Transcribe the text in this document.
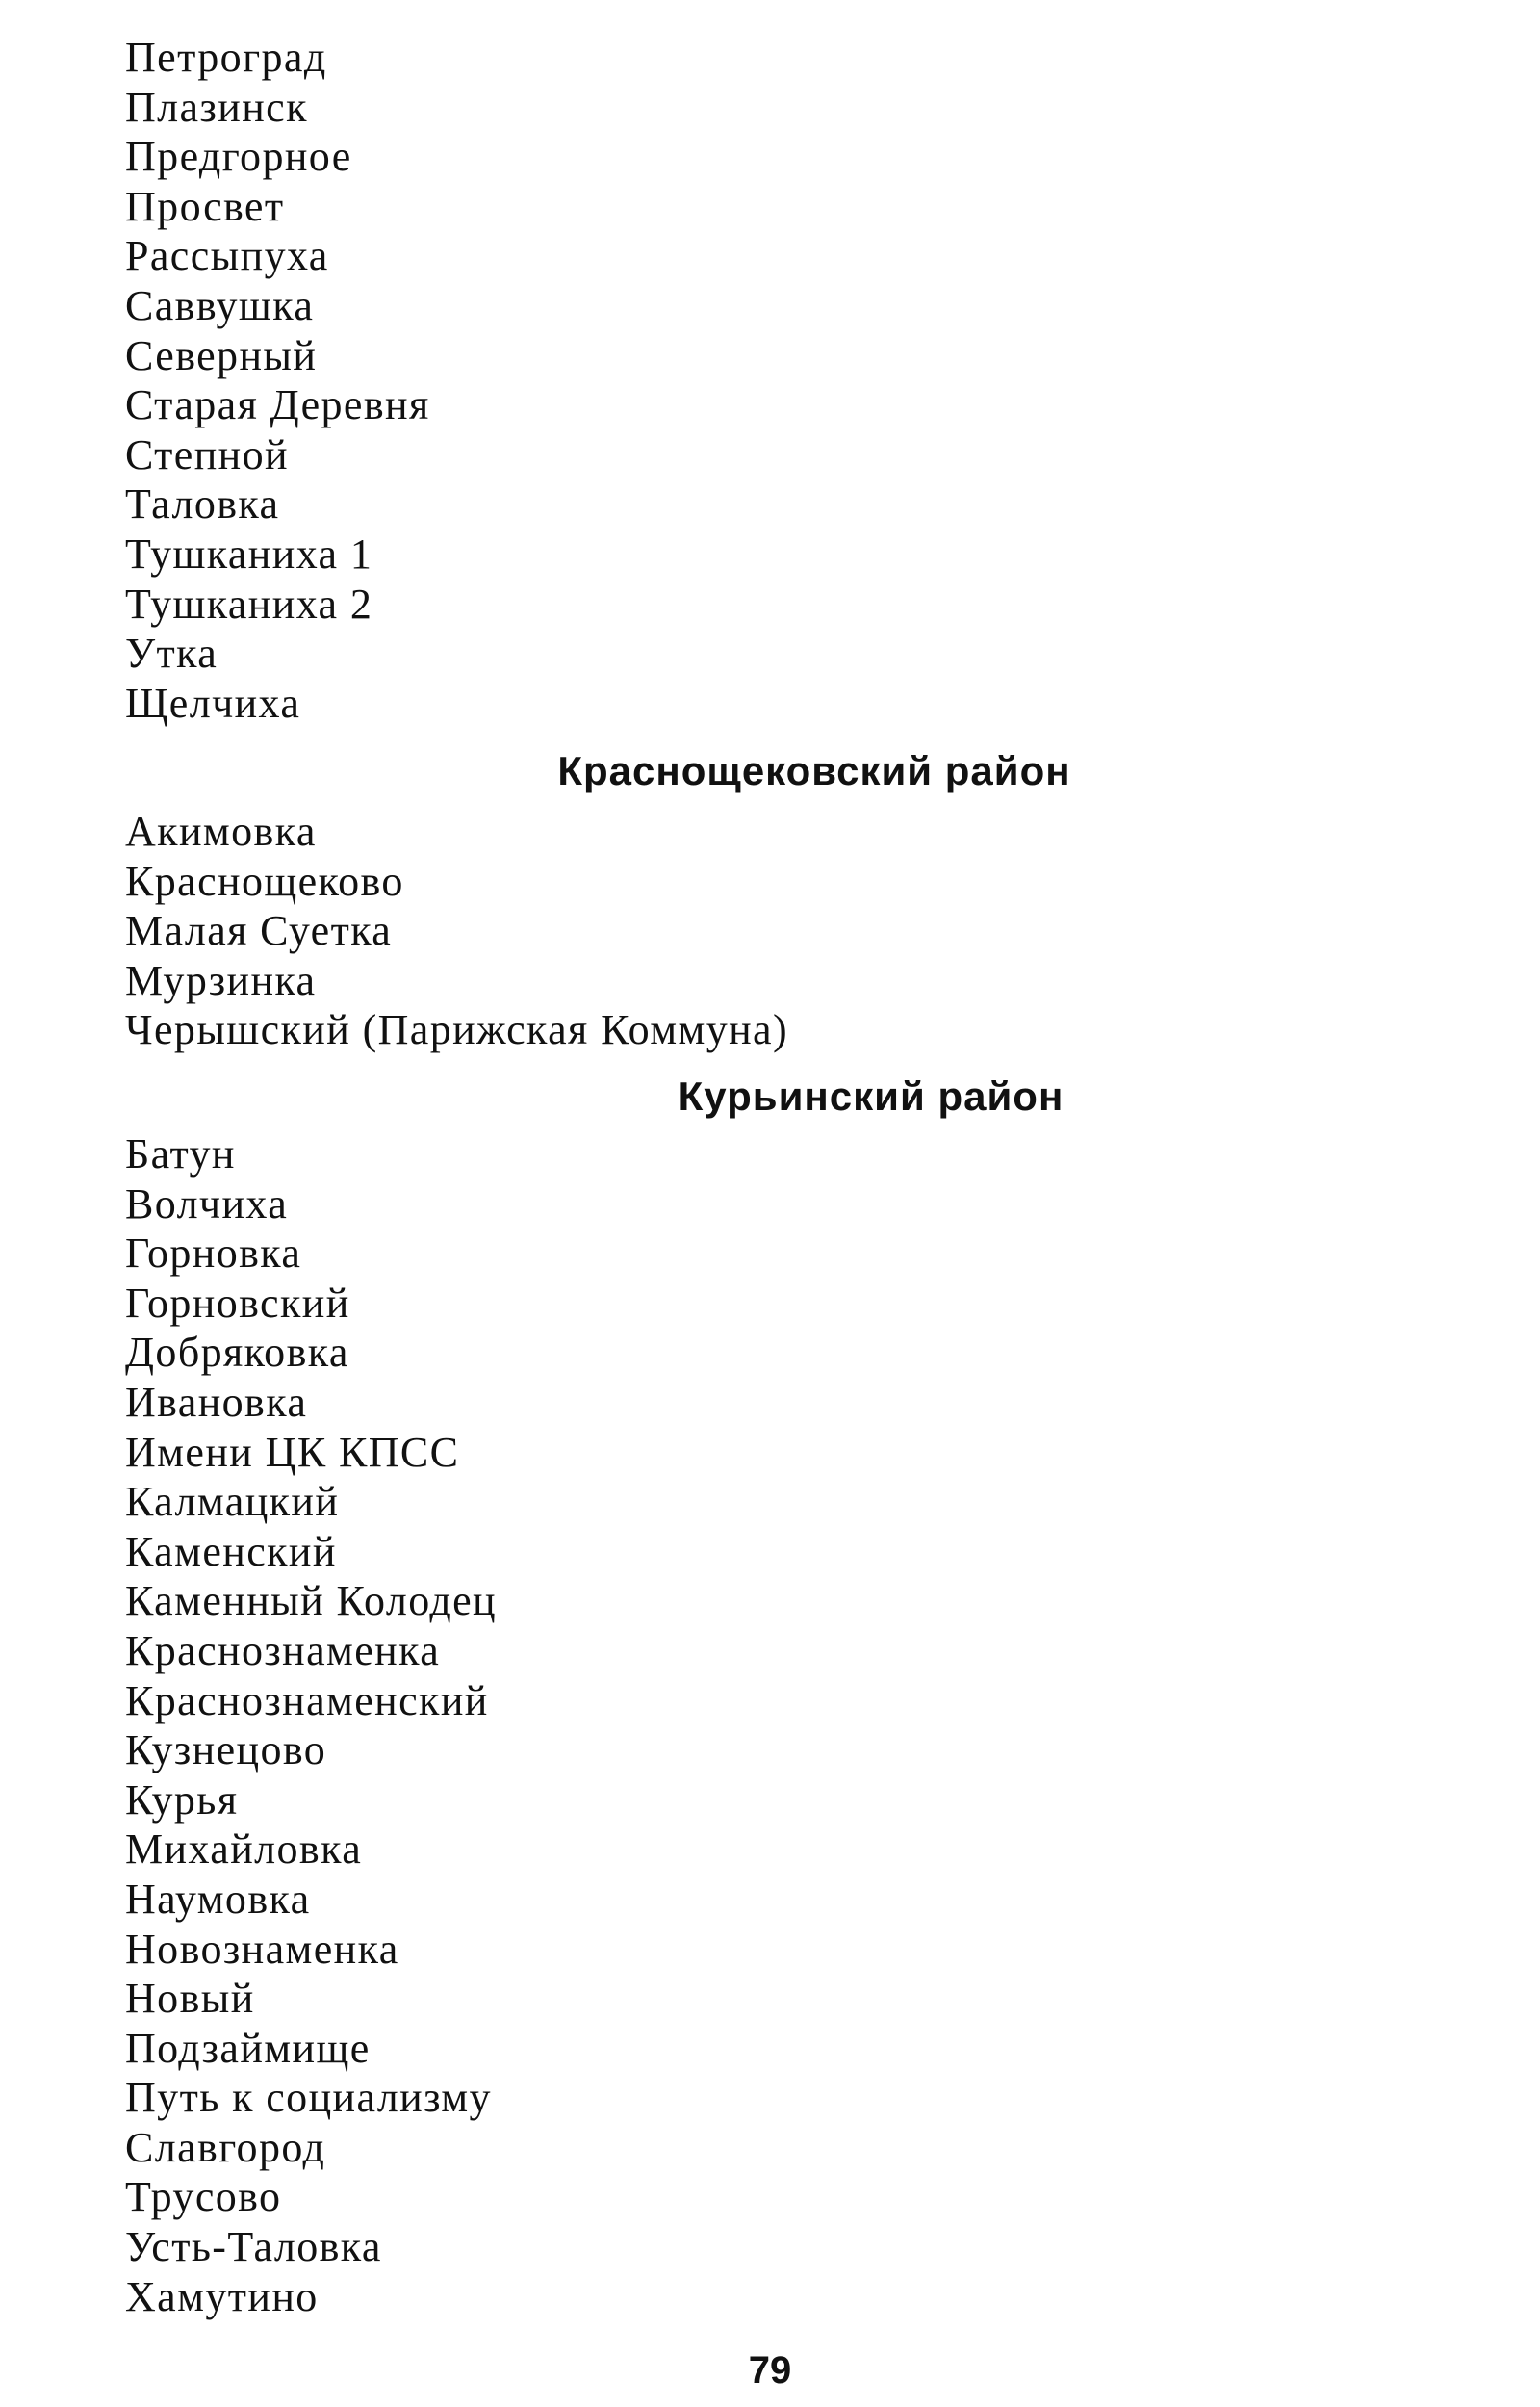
Петроград
Плазинск
Предгорное
Просвет
Рассыпуха
Саввушка
Северный
Старая Деревня
Степной
Таловка
Тушканиха 1
Тушканиха 2
Утка
Щелчиха
Краснощековский район
Акимовка
Краснощеково
Малая Суетка
Мурзинка
Черышский (Парижская Коммуна)
Курьинский район
Батун
Волчиха
Горновка
Горновский
Добряковка
Ивановка
Имени ЦК КПСС
Калмацкий
Каменский
Каменный Колодец
Краснознаменка
Краснознаменский
Кузнецово
Курья
Михайловка
Наумовка
Новознаменка
Новый
Подзаймище
Путь к социализму
Славгород
Трусово
Усть-Таловка
Хамутино
79
